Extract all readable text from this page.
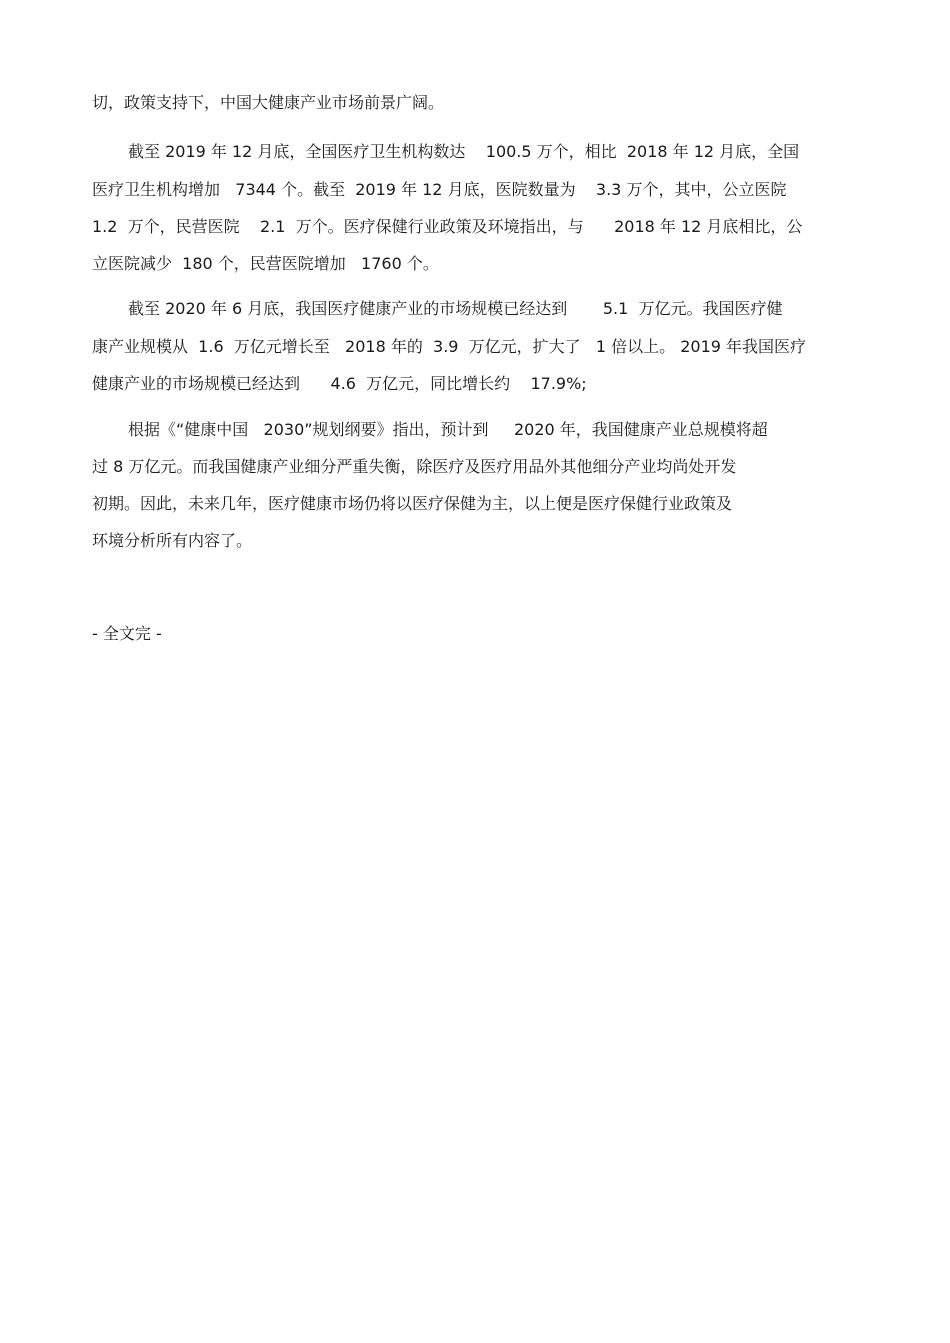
切，政策支持下，中国大健康产业市场前景广阔。
截至 2019 年 12 月底，全国医疗卫生机构数达    100.5 万个，相比  2018 年 12 月底，全国
医疗卫生机构增加   7344 个。截至  2019 年 12 月底，医院数量为    3.3 万个，其中，公立医院
1.2  万个，民营医院    2.1  万个。医疗保健行业政策及环境指出，与      2018 年 12 月底相比，公
立医院减少  180 个，民营医院增加   1760 个。
截至 2020 年 6 月底，我国医疗健康产业的市场规模已经达到       5.1  万亿元。我国医疗健
康产业规模从  1.6  万亿元增长至   2018 年的  3.9  万亿元，扩大了   1 倍以上。 2019 年我国医疗
健康产业的市场规模已经达到      4.6  万亿元，同比增长约    17.9%;
根据《“健康中国   2030”规划纲要》指出，预计到     2020 年，我国健康产业总规模将超
过 8 万亿元。而我国健康产业细分严重失衡，除医疗及医疗用品外其他细分产业均尚处开发
初期。因此，未来几年，医疗健康市场仍将以医疗保健为主，以上便是医疗保健行业政策及
环境分析所有内容了。
- 全文完 -
